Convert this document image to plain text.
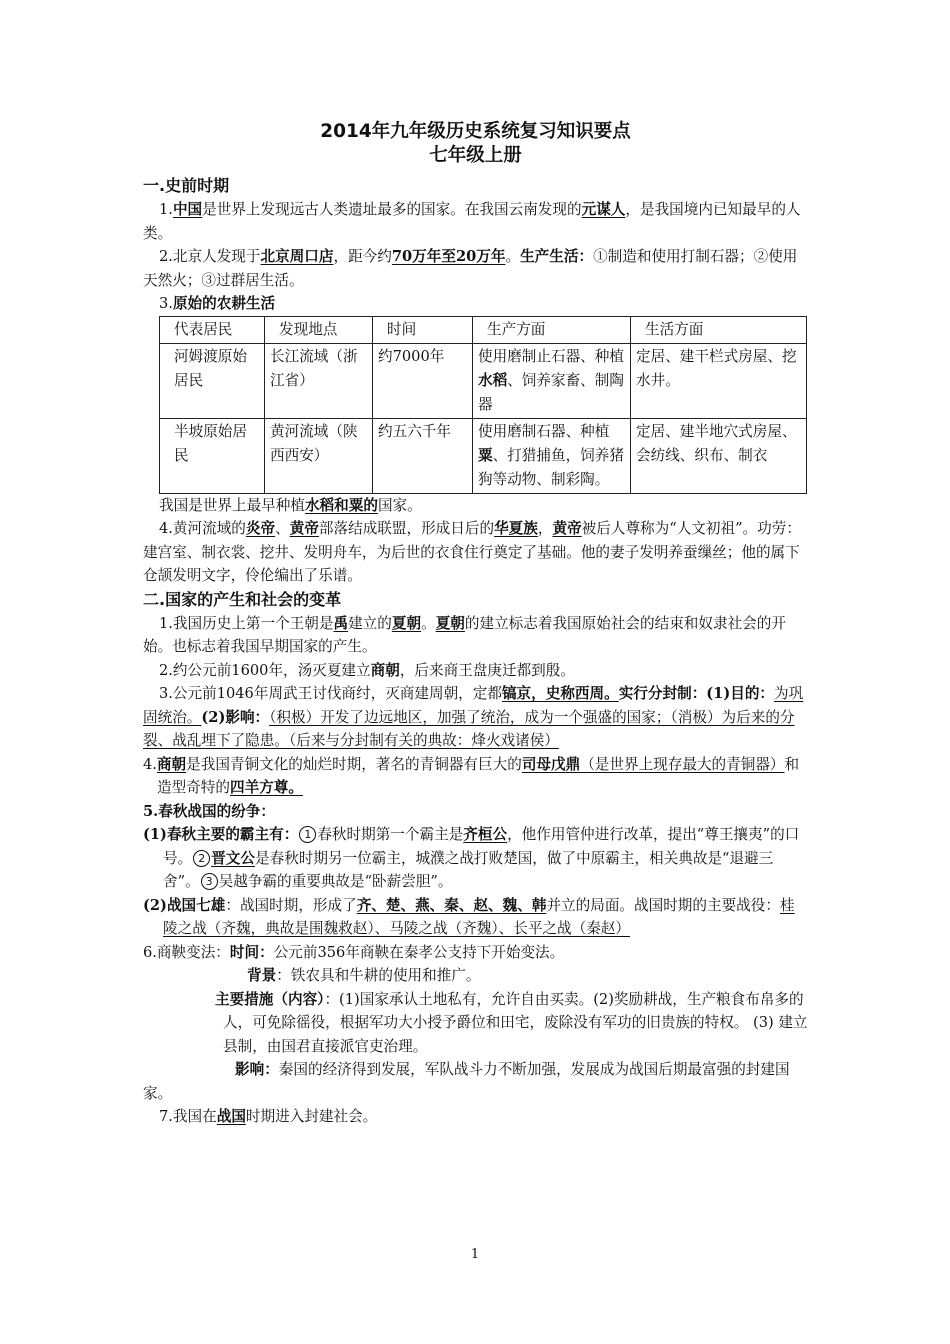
2014年九年级历史系统复习知识要点
七年级上册
一.史前时期

1.中国是世界上发现远古人类遗址最多的国家。在我国云南发现的元谋人，是我国境内已知最早的人类。

2.北京人发现于北京周口店，距今约70万年至20万年。生产生活：①制造和使用打制石器；②使用天然火；③过群居生活。

3.原始的农耕生活

代表居民	发现地点	时间	生产方面	生活方面
河姆渡原始居民	长江流域（浙江省）	约7000年	使用磨制止石器、种植水稻、饲养家畜、制陶器	定居、建干栏式房屋、挖水井。
半坡原始居民	黄河流域（陕西西安）	约五六千年	使用磨制石器、种植粟、打猎捕鱼，饲养猪狗等动物、制彩陶。	定居、建半地穴式房屋、会纺线、织布、制衣

我国是世界上最早种植水稻和粟的国家。

4.黄河流域的炎帝、黄帝部落结成联盟，形成日后的华夏族，黄帝被后人尊称为“人文初祖”。功劳：建宫室、制衣裳、挖井、发明舟车，为后世的衣食住行奠定了基础。他的妻子发明养蚕缫丝；他的属下仓颉发明文字，伶伦编出了乐谱。

二.国家的产生和社会的变革

1.我国历史上第一个王朝是禹建立的夏朝。夏朝的建立标志着我国原始社会的结束和奴隶社会的开始。也标志着我国早期国家的产生。

2.约公元前1600年，汤灭夏建立商朝，后来商王盘庚迁都到殷。

3.公元前1046年周武王讨伐商纣，灭商建周朝，定都镐京，史称西周。实行分封制：(1)目的：为巩固统治。(2)影响：（积极）开发了边远地区，加强了统治，成为一个强盛的国家；（消极）为后来的分裂、战乱埋下了隐患。（后来与分封制有关的典故：烽火戏诸侯）

4.商朝是我国青铜文化的灿烂时期，著名的青铜器有巨大的司母戊鼎（是世界上现存最大的青铜器）和造型奇特的四羊方尊。

5.春秋战国的纷争：

(1)春秋主要的霸主有： 1 春秋时期第一个霸主是齐桓公，他作用管仲进行改革，提出“尊王攘夷”的口号。 2 晋文公是春秋时期另一位霸主，城濮之战打败楚国，做了中原霸主，相关典故是“退避三舍”。 3 吴越争霸的重要典故是“卧薪尝胆”。

(2)战国七雄：战国时期，形成了齐、楚、燕、秦、赵、魏、韩并立的局面。战国时期的主要战役：桂陵之战（齐魏，典故是围魏救赵）、马陵之战（齐魏）、长平之战（秦赵）

6.商鞅变法：时间：公元前356年商鞅在秦孝公支持下开始变法。

背景：铁农具和牛耕的使用和推广。

主要措施（内容）：(1)国家承认土地私有，允许自由买卖。(2)奖励耕战，生产粮食布帛多的人，可免除徭役，根据军功大小授予爵位和田宅，废除没有军功的旧贵族的特权。 (3) 建立县制，由国君直接派官吏治理。

影响：秦国的经济得到发展，军队战斗力不断加强，发展成为战国后期最富强的封建国家。

7.我国在战国时期进入封建社会。

1
